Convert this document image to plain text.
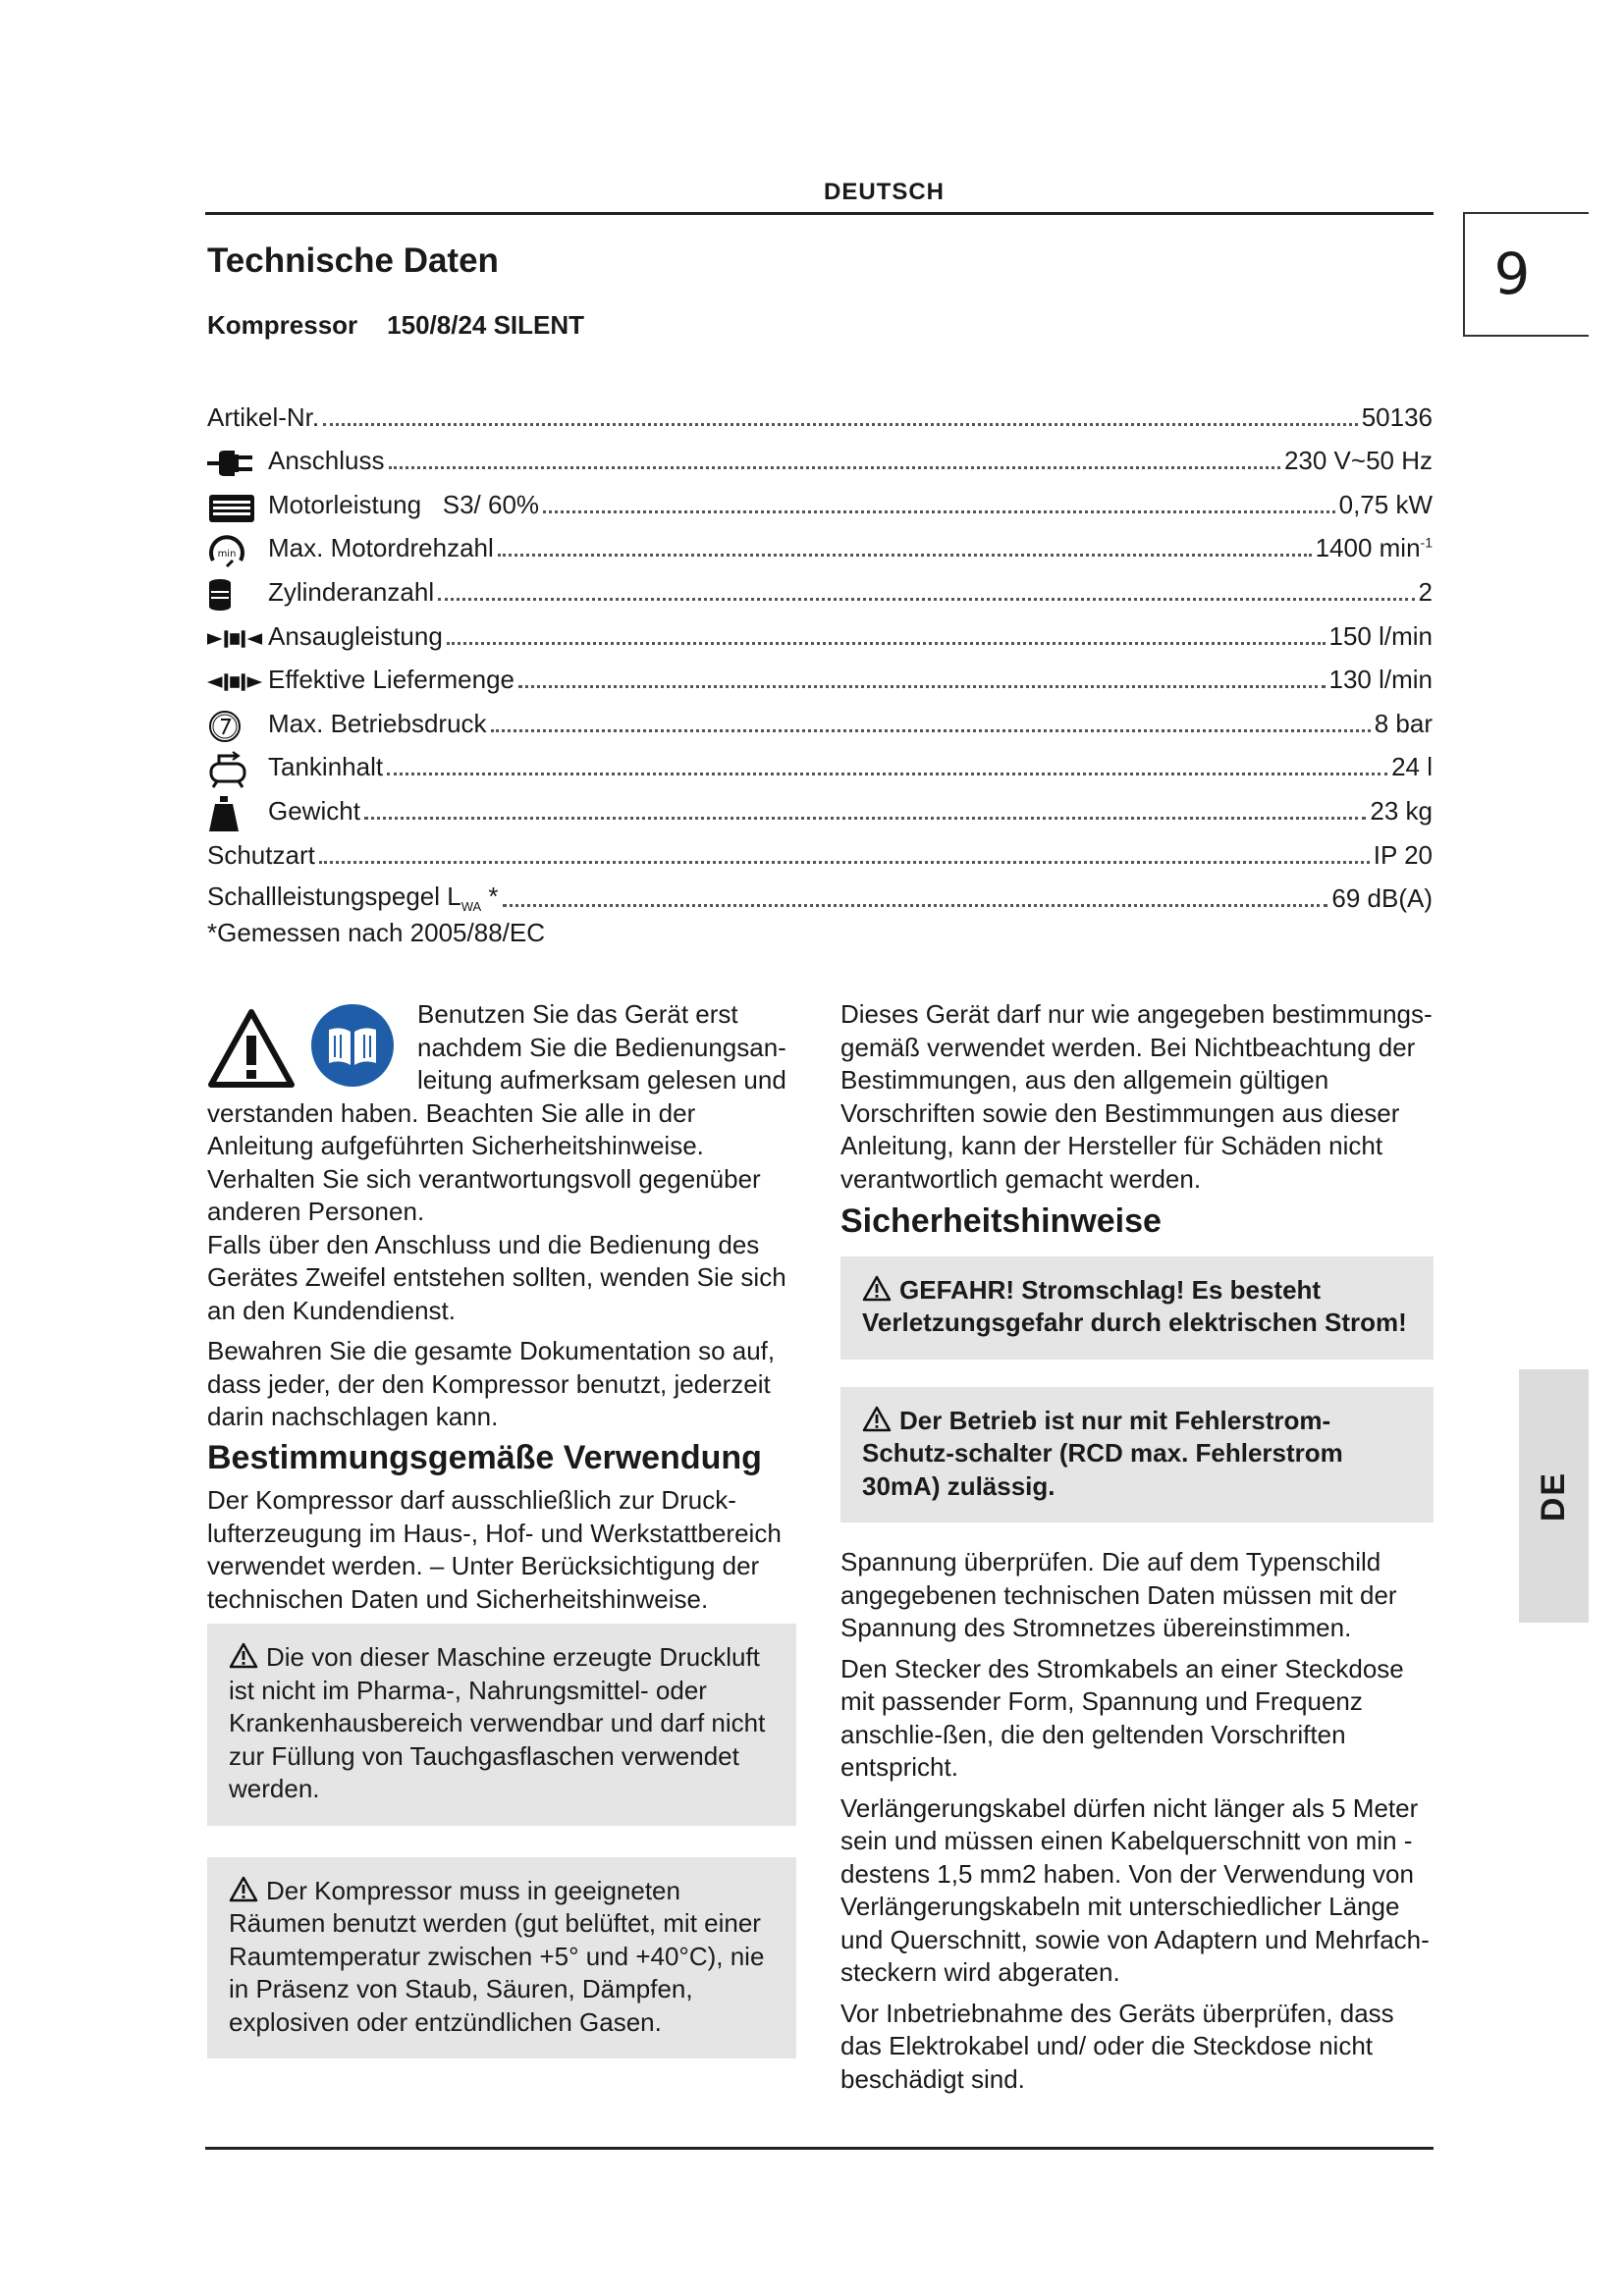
DEUTSCH
9
DE
Technische Daten
Kompressor 150/8/24 SILENT
Artikel-Nr.	50136
Anschluss	230 V~50 Hz
Motorleistung   S3/ 60%	0,75 kW
min Max. Motordrehzahl	1400 $\min^{-1}$
Zylinderanzahl	2
Ansaugleistung	150 l/min
Effektive Liefermenge	130 l/min
Max. Betriebsdruck	8 bar
Tankinhalt	24 l
Gewicht	23 kg
Schutzart	IP 20
Schallleistungspegel $L_{WA}$ *	69 dB(A)
*Gemessen nach 2005/88/EC
Benutzen Sie das Gerät erst
nachdem Sie die Bedienungsan-
leitung aufmerksam gelesen und

verstanden haben. Beachten Sie alle in der Anleitung aufgeführten Sicherheitshinweise. Verhalten Sie sich verantwortungsvoll gegenüber anderen Personen.

Falls über den Anschluss und die Bedienung des Gerätes Zweifel entstehen sollten, wenden Sie sich an den Kundendienst.

Bewahren Sie die gesamte Dokumentation so auf, dass jeder, der den Kompressor benutzt, jederzeit darin nachschlagen kann.

Bestimmungsgemäße Verwendung

Der Kompressor darf ausschließlich zur Druck-lufterzeugung im Haus-, Hof- und Werkstattbereich verwendet werden. – Unter Berücksichtigung der technischen Daten und Sicherheitshinweise.

Die von dieser Maschine erzeugte Druckluft ist nicht im Pharma-, Nahrungsmittel- oder Krankenhausbereich verwendbar und darf nicht zur Füllung von Tauchgasflaschen verwendet werden.
Der Kompressor muss in geeigneten Räumen benutzt werden (gut belüftet, mit einer Raumtemperatur zwischen +5° und +40°C), nie in Präsenz von Staub, Säuren, Dämpfen, explosiven oder entzündlichen Gasen.

Dieses Gerät darf nur wie angegeben bestimmungs-gemäß verwendet werden. Bei Nichtbeachtung der Bestimmungen, aus den allgemein gültigen Vorschriften sowie den Bestimmungen aus dieser Anleitung, kann der Hersteller für Schäden nicht verantwortlich gemacht werden.

Sicherheitshinweise
GEFAHR! Stromschlag! Es besteht Verletzungsgefahr durch elektrischen Strom!
Der Betrieb ist nur mit Fehlerstrom-Schutz-schalter (RCD max. Fehlerstrom 30mA) zulässig.

Spannung überprüfen. Die auf dem Typenschild angegebenen technischen Daten müssen mit der Spannung des Stromnetzes übereinstimmen.

Den Stecker des Stromkabels an einer Steckdose mit passender Form, Spannung und Frequenz anschlie-ßen, die den geltenden Vorschriften entspricht.

Verlängerungskabel dürfen nicht länger als 5 Meter sein und müssen einen Kabelquerschnitt von min - destens 1,5 mm2 haben. Von der Verwendung von Verlängerungskabeln mit unterschiedlicher Länge und Querschnitt, sowie von Adaptern und Mehrfach-steckern wird abgeraten.

Vor Inbetriebnahme des Geräts überprüfen, dass das Elektrokabel und/ oder die Steckdose nicht beschädigt sind.
